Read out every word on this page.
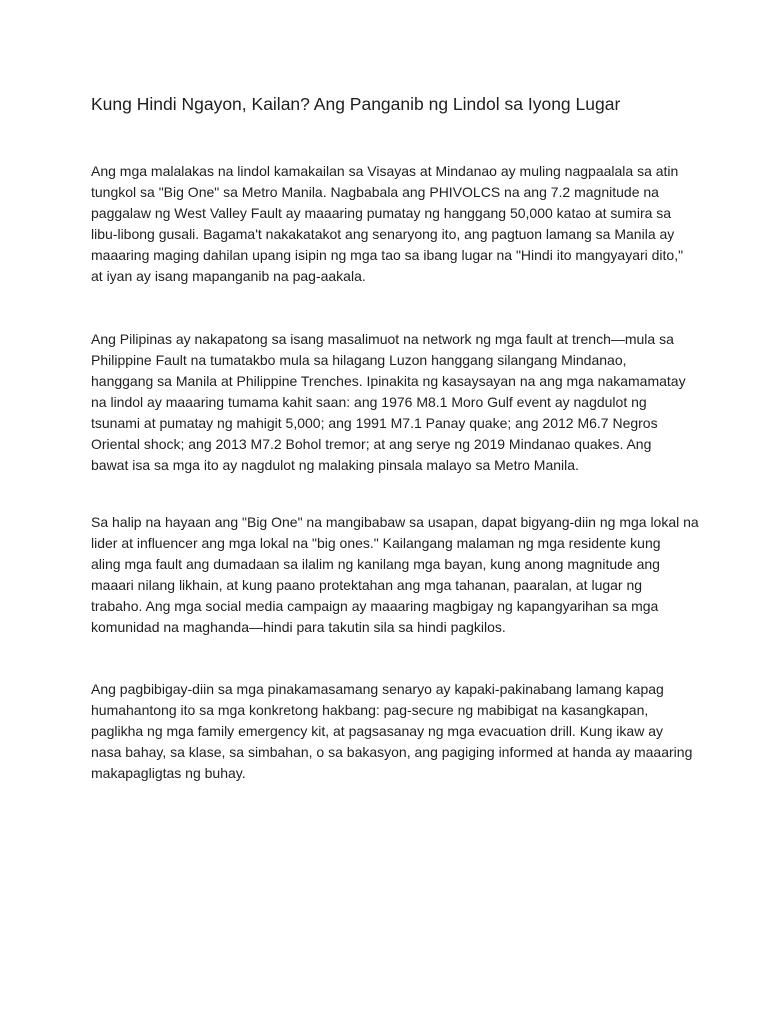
Kung Hindi Ngayon, Kailan? Ang Panganib ng Lindol sa Iyong Lugar

Ang mga malalakas na lindol kamakailan sa Visayas at Mindanao ay muling nagpaalala sa atin
tungkol sa "Big One" sa Metro Manila. Nagbabala ang PHIVOLCS na ang 7.2 magnitude na
paggalaw ng West Valley Fault ay maaaring pumatay ng hanggang 50,000 katao at sumira sa
libu-libong gusali. Bagama't nakakatakot ang senaryong ito, ang pagtuon lamang sa Manila ay
maaaring maging dahilan upang isipin ng mga tao sa ibang lugar na "Hindi ito mangyayari dito,"
at iyan ay isang mapanganib na pag-aakala.

Ang Pilipinas ay nakapatong sa isang masalimuot na network ng mga fault at trench—mula sa
Philippine Fault na tumatakbo mula sa hilagang Luzon hanggang silangang Mindanao,
hanggang sa Manila at Philippine Trenches. Ipinakita ng kasaysayan na ang mga nakamamatay
na lindol ay maaaring tumama kahit saan: ang 1976 M8.1 Moro Gulf event ay nagdulot ng
tsunami at pumatay ng mahigit 5,000; ang 1991 M7.1 Panay quake; ang 2012 M6.7 Negros
Oriental shock; ang 2013 M7.2 Bohol tremor; at ang serye ng 2019 Mindanao quakes. Ang
bawat isa sa mga ito ay nagdulot ng malaking pinsala malayo sa Metro Manila.

Sa halip na hayaan ang "Big One" na mangibabaw sa usapan, dapat bigyang-diin ng mga lokal na
lider at influencer ang mga lokal na "big ones." Kailangang malaman ng mga residente kung
aling mga fault ang dumadaan sa ilalim ng kanilang mga bayan, kung anong magnitude ang
maaari nilang likhain, at kung paano protektahan ang mga tahanan, paaralan, at lugar ng
trabaho. Ang mga social media campaign ay maaaring magbigay ng kapangyarihan sa mga
komunidad na maghanda—hindi para takutin sila sa hindi pagkilos.

Ang pagbibigay-diin sa mga pinakamasamang senaryo ay kapaki-pakinabang lamang kapag
humahantong ito sa mga konkretong hakbang: pag-secure ng mabibigat na kasangkapan,
paglikha ng mga family emergency kit, at pagsasanay ng mga evacuation drill. Kung ikaw ay
nasa bahay, sa klase, sa simbahan, o sa bakasyon, ang pagiging informed at handa ay maaaring
makapagligtas ng buhay.
